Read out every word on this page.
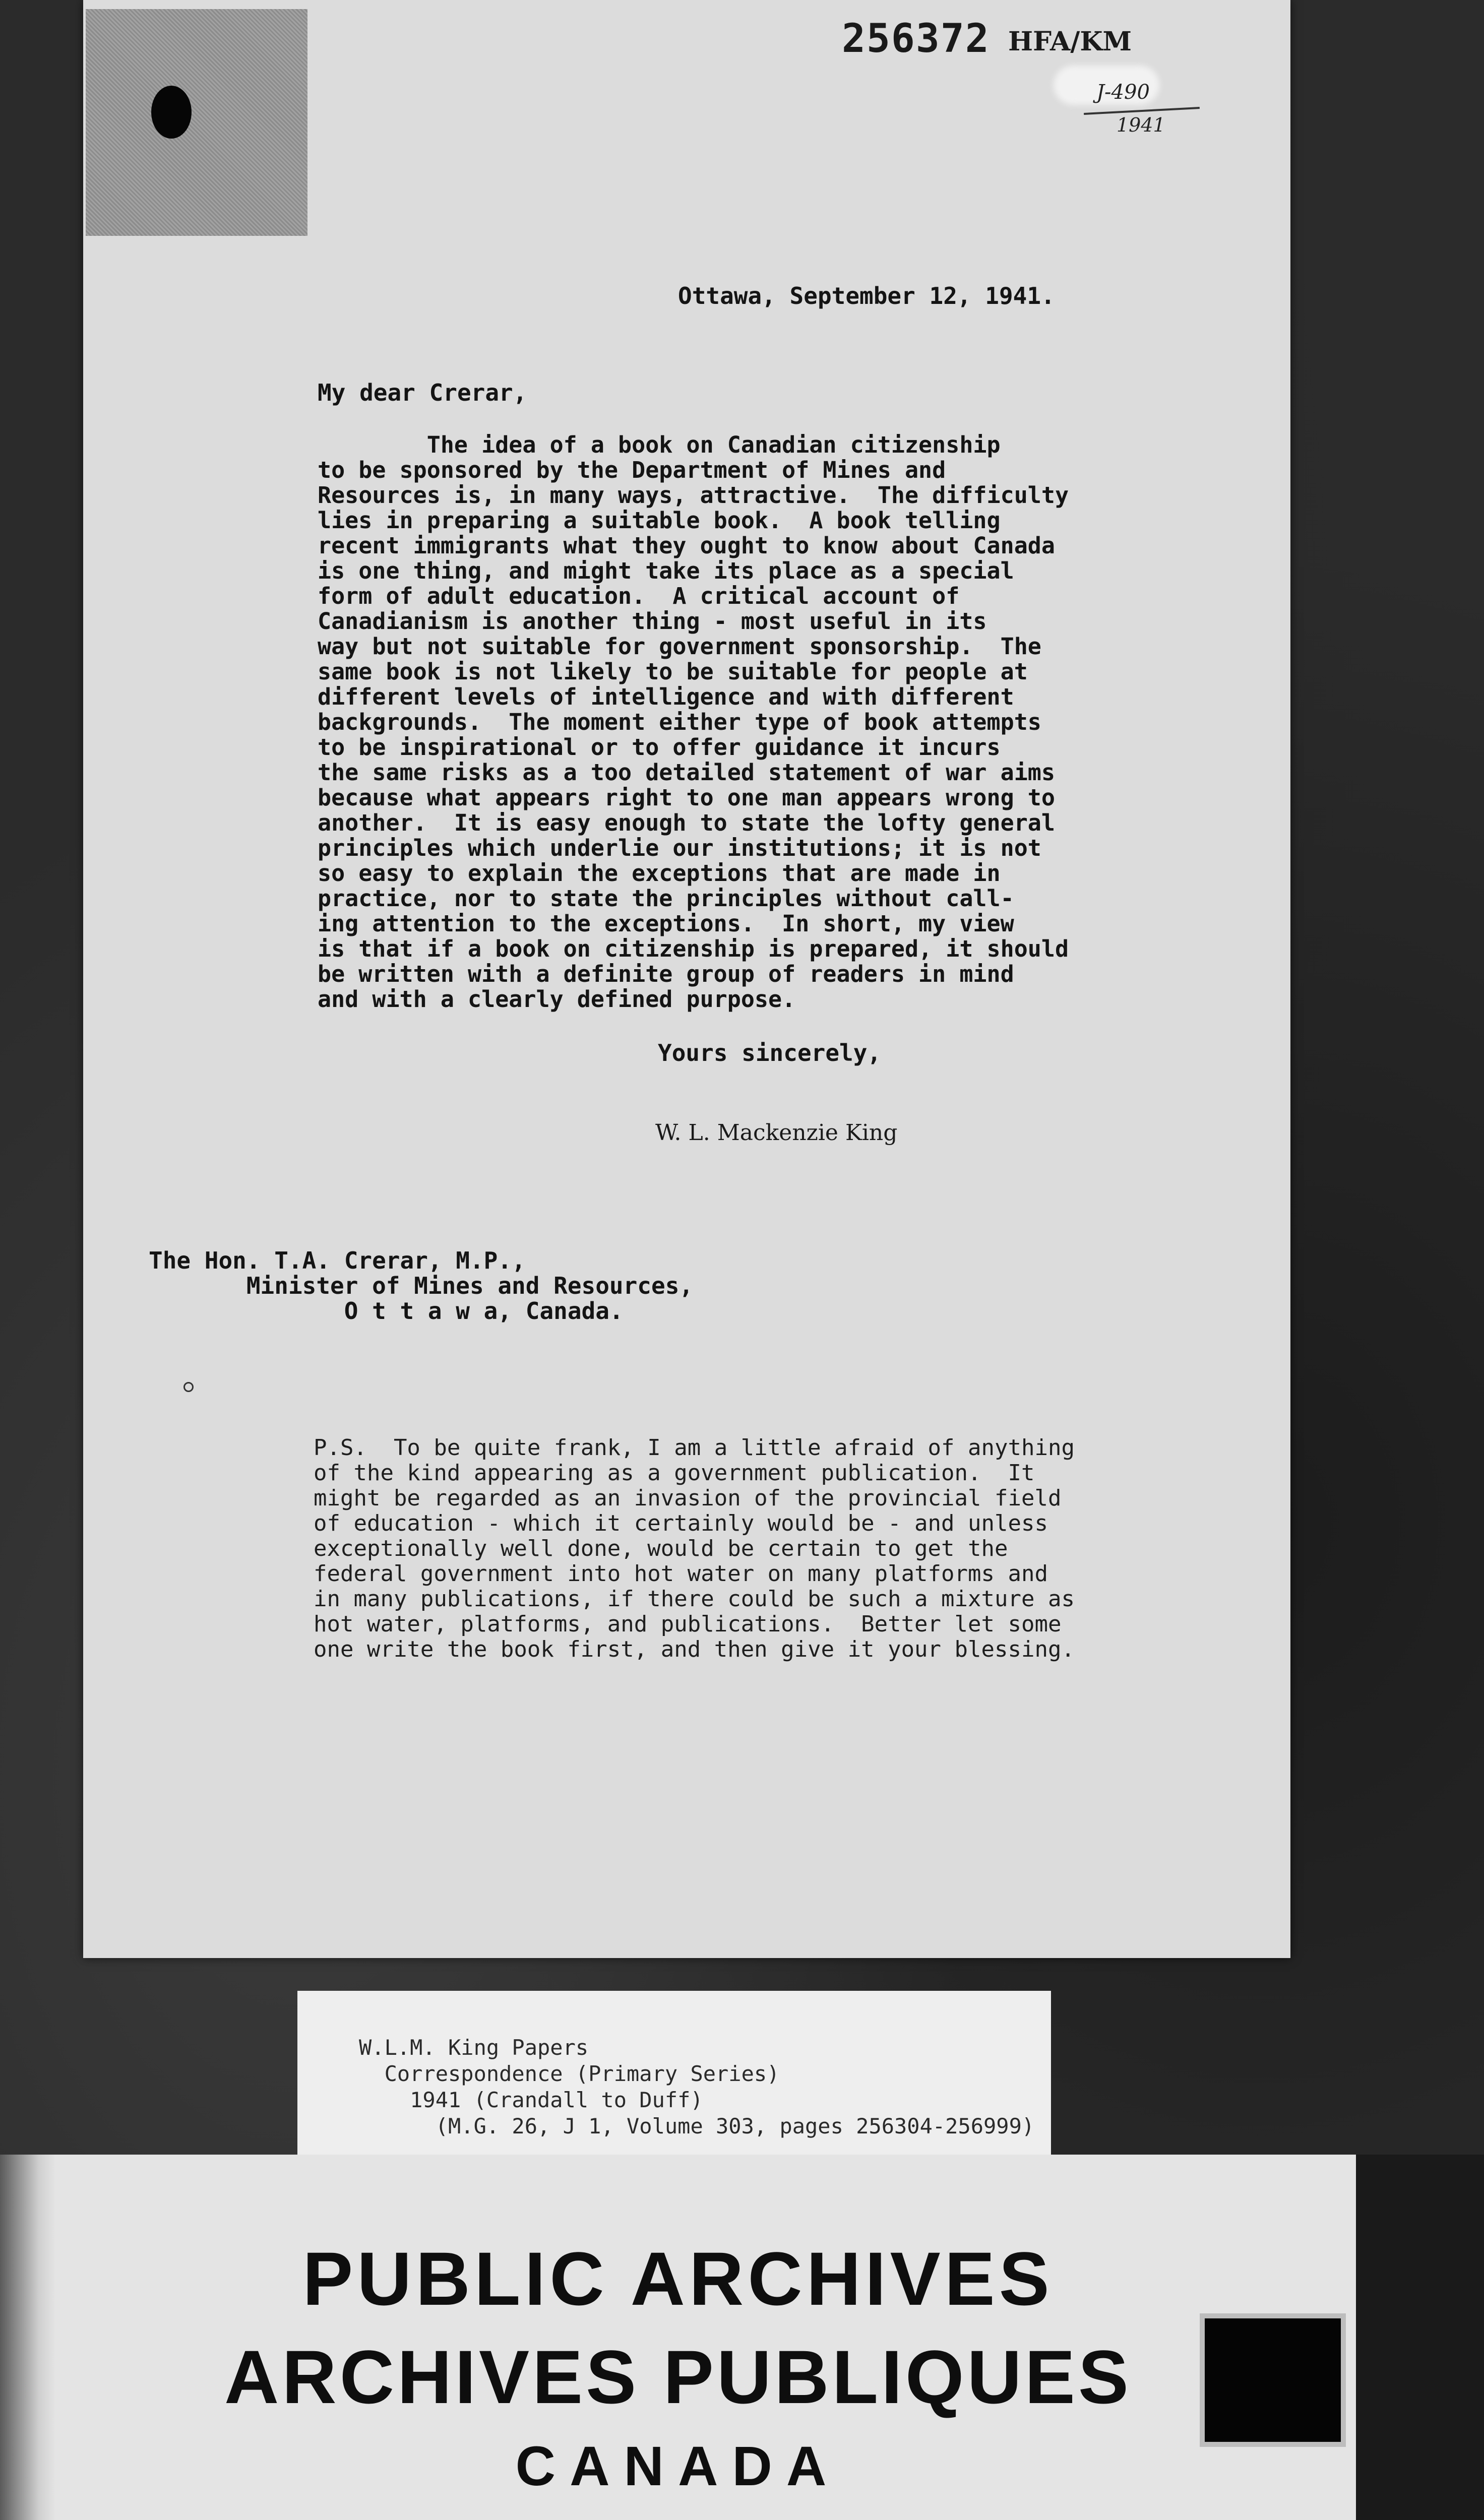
256372 HFA/KM
J-490
1941
Ottawa, September 12, 1941.
My dear Crerar,
The idea of a book on Canadian citizenship
to be sponsored by the Department of Mines and
Resources is, in many ways, attractive.  The difficulty
lies in preparing a suitable book.  A book telling
recent immigrants what they ought to know about Canada
is one thing, and might take its place as a special
form of adult education.  A critical account of
Canadianism is another thing - most useful in its
way but not suitable for government sponsorship.  The
same book is not likely to be suitable for people at
different levels of intelligence and with different
backgrounds.  The moment either type of book attempts
to be inspirational or to offer guidance it incurs
the same risks as a too detailed statement of war aims
because what appears right to one man appears wrong to
another.  It is easy enough to state the lofty general
principles which underlie our institutions; it is not
so easy to explain the exceptions that are made in
practice, nor to state the principles without call-
ing attention to the exceptions.  In short, my view
is that if a book on citizenship is prepared, it should
be written with a definite group of readers in mind
and with a clearly defined purpose.
Yours sincerely,
W. L. Mackenzie King
The Hon. T.A. Crerar, M.P.,
Minister of Mines and Resources,
O t t a w a, Canada.
P.S.  To be quite frank, I am a little afraid of anything
of the kind appearing as a government publication.  It
might be regarded as an invasion of the provincial field
of education - which it certainly would be - and unless
exceptionally well done, would be certain to get the
federal government into hot water on many platforms and
in many publications, if there could be such a mixture as
hot water, platforms, and publications.  Better let some
one write the book first, and then give it your blessing.
W.L.M. King Papers
Correspondence (Primary Series)
1941 (Crandall to Duff)
(M.G. 26, J 1, Volume 303, pages 256304-256999)
PUBLIC ARCHIVES
ARCHIVES PUBLIQUES
CANADA
